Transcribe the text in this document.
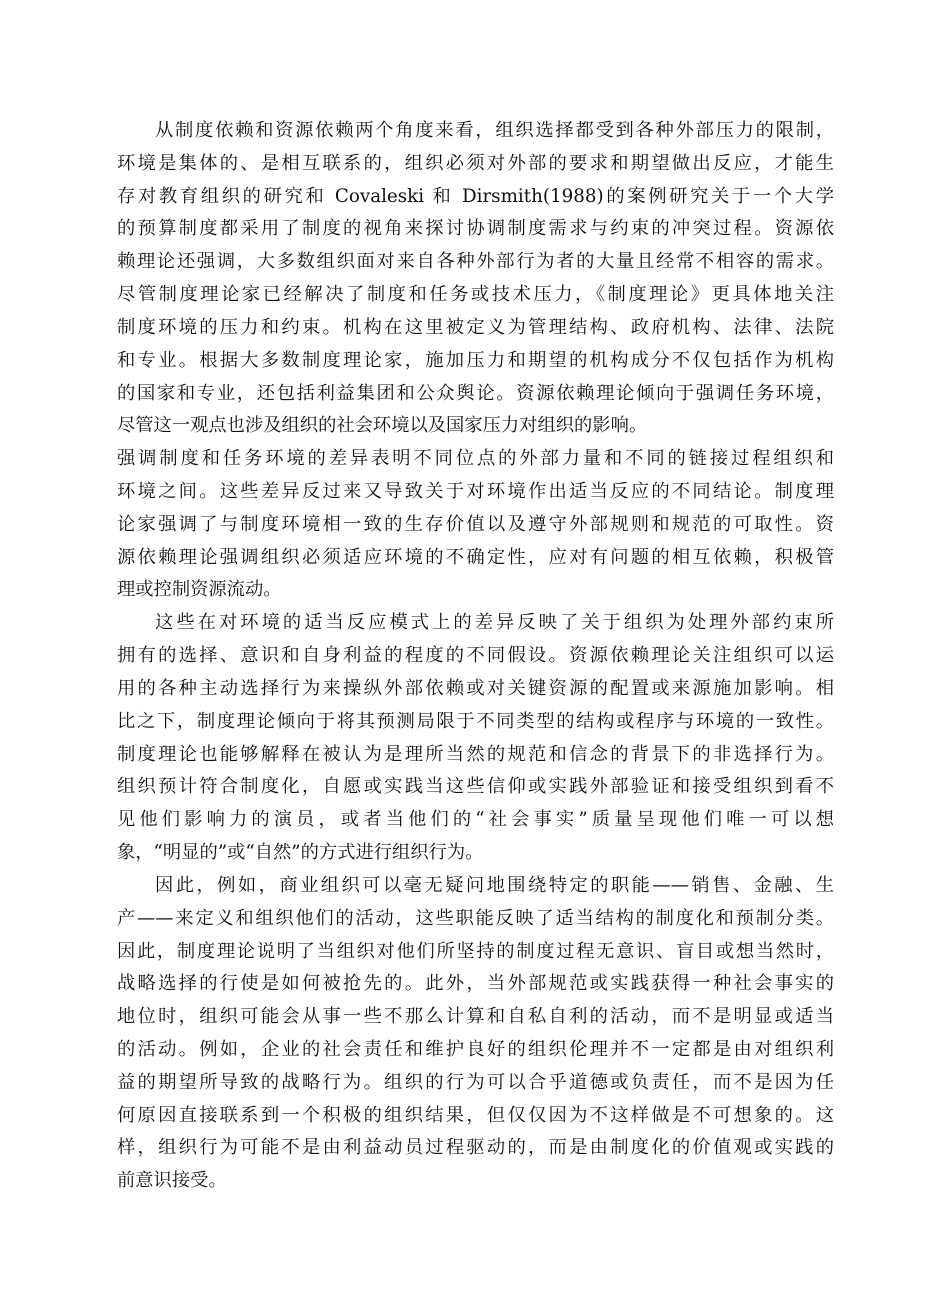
从制度依赖和资源依赖两个角度来看，组织选择都受到各种外部压力的限制，

环境是集体的、是相互联系的，组织必须对外部的要求和期望做出反应，才能生

存对教育组织的研究和 Covaleski 和 Dirsmith(1988)的案例研究关于一个大学

的预算制度都采用了制度的视角来探讨协调制度需求与约束的冲突过程。资源依

赖理论还强调，大多数组织面对来自各种外部行为者的大量且经常不相容的需求。

尽管制度理论家已经解决了制度和任务或技术压力，《制度理论》更具体地关注

制度环境的压力和约束。机构在这里被定义为管理结构、政府机构、法律、法院

和专业。根据大多数制度理论家，施加压力和期望的机构成分不仅包括作为机构

的国家和专业，还包括利益集团和公众舆论。资源依赖理论倾向于强调任务环境，

尽管这一观点也涉及组织的社会环境以及国家压力对组织的影响。

强调制度和任务环境的差异表明不同位点的外部力量和不同的链接过程组织和

环境之间。这些差异反过来又导致关于对环境作出适当反应的不同结论。制度理

论家强调了与制度环境相一致的生存价值以及遵守外部规则和规范的可取性。资

源依赖理论强调组织必须适应环境的不确定性，应对有问题的相互依赖，积极管

理或控制资源流动。

这些在对环境的适当反应模式上的差异反映了关于组织为处理外部约束所

拥有的选择、意识和自身利益的程度的不同假设。资源依赖理论关注组织可以运

用的各种主动选择行为来操纵外部依赖或对关键资源的配置或来源施加影响。相

比之下，制度理论倾向于将其预测局限于不同类型的结构或程序与环境的一致性。

制度理论也能够解释在被认为是理所当然的规范和信念的背景下的非选择行为。

组织预计符合制度化，自愿或实践当这些信仰或实践外部验证和接受组织到看不

见他们影响力的演员，或者当他们的“社会事实”质量呈现他们唯一可以想

象，“明显的”或“自然”的方式进行组织行为。

因此，例如，商业组织可以毫无疑问地围绕特定的职能——销售、金融、生

产——来定义和组织他们的活动，这些职能反映了适当结构的制度化和预制分类。

因此，制度理论说明了当组织对他们所坚持的制度过程无意识、盲目或想当然时，

战略选择的行使是如何被抢先的。此外，当外部规范或实践获得一种社会事实的

地位时，组织可能会从事一些不那么计算和自私自利的活动，而不是明显或适当

的活动。例如，企业的社会责任和维护良好的组织伦理并不一定都是由对组织利

益的期望所导致的战略行为。组织的行为可以合乎道德或负责任，而不是因为任

何原因直接联系到一个积极的组织结果，但仅仅因为不这样做是不可想象的。这

样，组织行为可能不是由利益动员过程驱动的，而是由制度化的价值观或实践的

前意识接受。
